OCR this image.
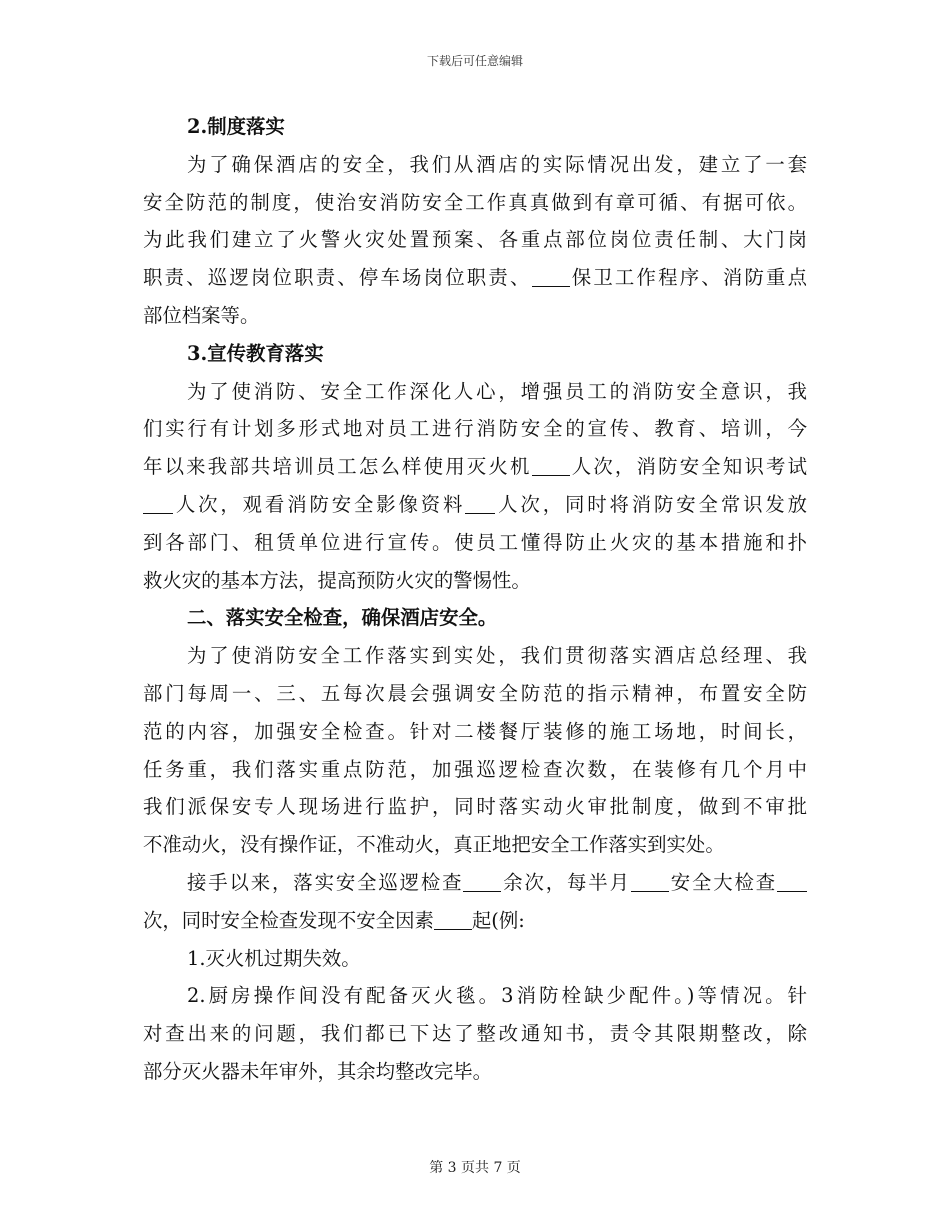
下载后可任意编辑
2.制度落实
为了确保酒店的安全，我们从酒店的实际情况出发，建立了一套
安全防范的制度，使治安消防安全工作真真做到有章可循、有据可依。
为此我们建立了火警火灾处置预案、各重点部位岗位责任制、大门岗
职责、巡逻岗位职责、停车场岗位职责、 保卫工作程序、消防重点
部位档案等。
3.宣传教育落实
为了使消防、安全工作深化人心，增强员工的消防安全意识，我
们实行有计划多形式地对员工进行消防安全的宣传、教育、培训，今
年以来我部共培训员工怎么样使用灭火机 人次，消防安全知识考试
人次，观看消防安全影像资料 人次，同时将消防安全常识发放
到各部门、租赁单位进行宣传。使员工懂得防止火灾的基本措施和扑
救火灾的基本方法，提高预防火灾的警惕性。
二、落实安全检查，确保酒店安全。
为了使消防安全工作落实到实处，我们贯彻落实酒店总经理、我
部门每周一、三、五每次晨会强调安全防范的指示精神，布置安全防
范的内容，加强安全检查。针对二楼餐厅装修的施工场地，时间长，
任务重，我们落实重点防范，加强巡逻检查次数，在装修有几个月中
我们派保安专人现场进行监护，同时落实动火审批制度，做到不审批
不准动火，没有操作证，不准动火，真正地把安全工作落实到实处。
接手以来，落实安全巡逻检查 余次，每半月 安全大检查
次，同时安全检查发现不安全因素 起(例:
1.灭火机过期失效。
2.厨房操作间没有配备灭火毯。3消防栓缺少配件。)等情况。针
对查出来的问题，我们都已下达了整改通知书，责令其限期整改，除
部分灭火器未年审外，其余均整改完毕。
第 3 页共 7 页
